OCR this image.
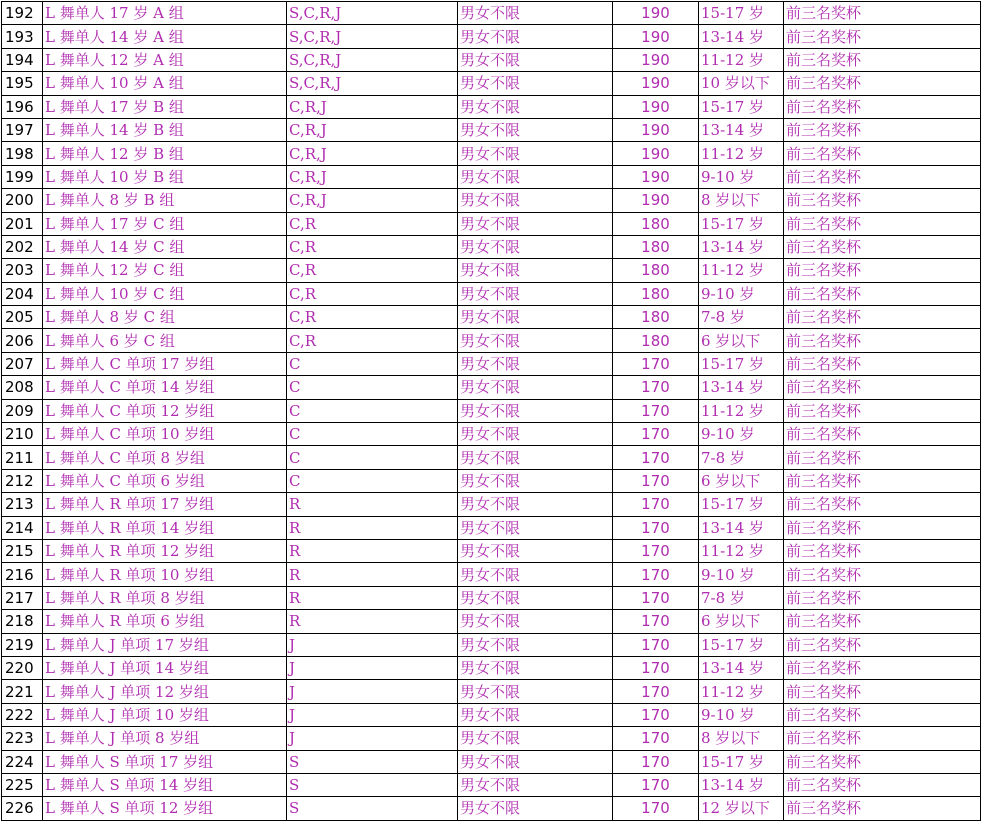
192	L 舞单人 17 岁 A 组	S,C,R,J	男女不限	190	15-17 岁	前三名奖杯
193	L 舞单人 14 岁 A 组	S,C,R,J	男女不限	190	13-14 岁	前三名奖杯
194	L 舞单人 12 岁 A 组	S,C,R,J	男女不限	190	11-12 岁	前三名奖杯
195	L 舞单人 10 岁 A 组	S,C,R,J	男女不限	190	10 岁以下	前三名奖杯
196	L 舞单人 17 岁 B 组	C,R,J	男女不限	190	15-17 岁	前三名奖杯
197	L 舞单人 14 岁 B 组	C,R,J	男女不限	190	13-14 岁	前三名奖杯
198	L 舞单人 12 岁 B 组	C,R,J	男女不限	190	11-12 岁	前三名奖杯
199	L 舞单人 10 岁 B 组	C,R,J	男女不限	190	9-10 岁	前三名奖杯
200	L 舞单人 8 岁 B 组	C,R,J	男女不限	190	8 岁以下	前三名奖杯
201	L 舞单人 17 岁 C 组	C,R	男女不限	180	15-17 岁	前三名奖杯
202	L 舞单人 14 岁 C 组	C,R	男女不限	180	13-14 岁	前三名奖杯
203	L 舞单人 12 岁 C 组	C,R	男女不限	180	11-12 岁	前三名奖杯
204	L 舞单人 10 岁 C 组	C,R	男女不限	180	9-10 岁	前三名奖杯
205	L 舞单人 8 岁 C 组	C,R	男女不限	180	7-8 岁	前三名奖杯
206	L 舞单人 6 岁 C 组	C,R	男女不限	180	6 岁以下	前三名奖杯
207	L 舞单人 C 单项 17 岁组	C	男女不限	170	15-17 岁	前三名奖杯
208	L 舞单人 C 单项 14 岁组	C	男女不限	170	13-14 岁	前三名奖杯
209	L 舞单人 C 单项 12 岁组	C	男女不限	170	11-12 岁	前三名奖杯
210	L 舞单人 C 单项 10 岁组	C	男女不限	170	9-10 岁	前三名奖杯
211	L 舞单人 C 单项 8 岁组	C	男女不限	170	7-8 岁	前三名奖杯
212	L 舞单人 C 单项 6 岁组	C	男女不限	170	6 岁以下	前三名奖杯
213	L 舞单人 R 单项 17 岁组	R	男女不限	170	15-17 岁	前三名奖杯
214	L 舞单人 R 单项 14 岁组	R	男女不限	170	13-14 岁	前三名奖杯
215	L 舞单人 R 单项 12 岁组	R	男女不限	170	11-12 岁	前三名奖杯
216	L 舞单人 R 单项 10 岁组	R	男女不限	170	9-10 岁	前三名奖杯
217	L 舞单人 R 单项 8 岁组	R	男女不限	170	7-8 岁	前三名奖杯
218	L 舞单人 R 单项 6 岁组	R	男女不限	170	6 岁以下	前三名奖杯
219	L 舞单人 J 单项 17 岁组	J	男女不限	170	15-17 岁	前三名奖杯
220	L 舞单人 J 单项 14 岁组	J	男女不限	170	13-14 岁	前三名奖杯
221	L 舞单人 J 单项 12 岁组	J	男女不限	170	11-12 岁	前三名奖杯
222	L 舞单人 J 单项 10 岁组	J	男女不限	170	9-10 岁	前三名奖杯
223	L 舞单人 J 单项 8 岁组	J	男女不限	170	8 岁以下	前三名奖杯
224	L 舞单人 S 单项 17 岁组	S	男女不限	170	15-17 岁	前三名奖杯
225	L 舞单人 S 单项 14 岁组	S	男女不限	170	13-14 岁	前三名奖杯
226	L 舞单人 S 单项 12 岁组	S	男女不限	170	12 岁以下	前三名奖杯
